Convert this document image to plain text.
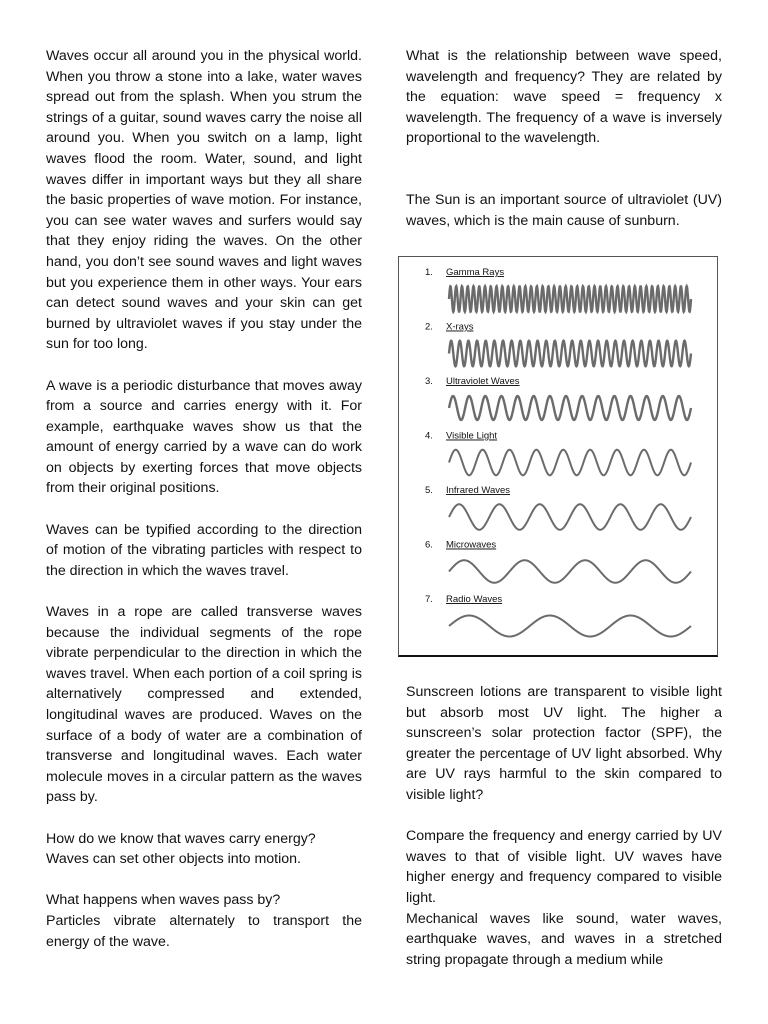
Waves occur all around you in the physical world. When you throw a stone into a lake, water waves spread out from the splash. When you strum the strings of a guitar, sound waves carry the noise all around you. When you switch on a lamp, light waves flood the room. Water, sound, and light waves differ in important ways but they all share the basic properties of wave motion. For instance, you can see water waves and surfers would say that they enjoy riding the waves. On the other hand, you don’t see sound waves and light waves but you experience them in other ways. Your ears can detect sound waves and your skin can get burned by ultraviolet waves if you stay under the sun for too long.

A wave is a periodic disturbance that moves away from a source and carries energy with it. For example, earthquake waves show us that the amount of energy carried by a wave can do work on objects by exerting forces that move objects from their original positions.

Waves can be typified according to the direction of motion of the vibrating particles with respect to the direction in which the waves travel.

Waves in a rope are called transverse waves because the individual segments of the rope vibrate perpendicular to the direction in which the waves travel. When each portion of a coil spring is alternatively compressed and extended, longitudinal waves are produced. Waves on the surface of a body of water are a combination of transverse and longitudinal waves. Each water molecule moves in a circular pattern as the waves pass by.

How do we know that waves carry energy?

Waves can set other objects into motion.

What happens when waves pass by?

Particles vibrate alternately to transport the energy of the wave.

What is the relationship between wave speed, wavelength and frequency? They are related by the equation: wave speed = frequency x wavelength. The frequency of a wave is inversely proportional to the wavelength.

The Sun is an important source of ultraviolet (UV) waves, which is the main cause of sunburn.

Sunscreen lotions are transparent to visible light but absorb most UV light. The higher a sunscreen’s solar protection factor (SPF), the greater the percentage of UV light absorbed. Why are UV rays harmful to the skin compared to visible light?

Compare the frequency and energy carried by UV waves to that of visible light. UV waves have higher energy and frequency compared to visible light.

Mechanical waves like sound, water waves, earthquake waves, and waves in a stretched string propagate through a medium while

1. Gamma Rays
2. X-rays
3. Ultraviolet Waves
4. Visible Light
5. Infrared Waves
6. Microwaves
7. Radio Waves
